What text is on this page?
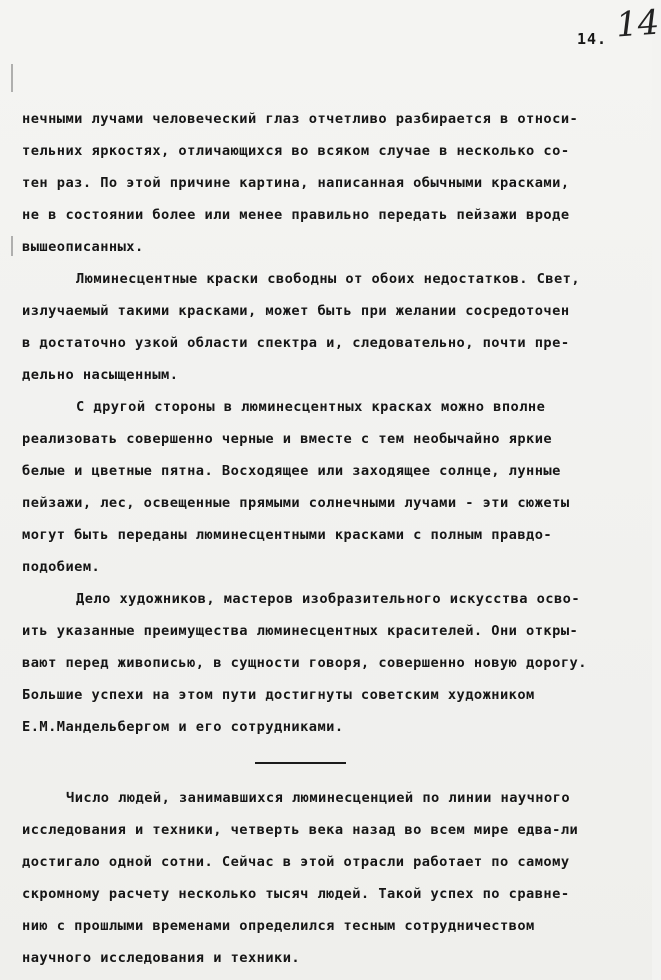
14
14.
нечными лучами человеческий глаз отчетливо разбирается в относи-
тельних яркостях, отличающихся во всяком случае в несколько со-
тен раз. По этой причине картина, написанная обычными красками,
не в состоянии более или менее правильно передать пейзажи вроде
вышеописанных.
Люминесцентные краски свободны от обоих недостатков. Свет,
излучаемый такими красками, может быть при желании сосредоточен
в достаточно узкой области спектра и, следовательно, почти пре-
дельно насыщенным.
С другой стороны в люминесцентных красках можно вполне
реализовать совершенно черные и вместе с тем необычайно яркие
белые и цветные пятна. Восходящее или заходящее солнце, лунные
пейзажи, лес, освещенные прямыми солнечными лучами - эти сюжеты
могут быть переданы люминесцентными красками с полным правдо-
подобием.
Дело художников, мастеров изобразительного искусства осво-
ить указанные преимущества люминесцентных красителей. Они откры-
вают перед живописью, в сущности говоря, совершенно новую дорогу.
Большие успехи на этом пути достигнуты советским художником
Е.М.Мандельбергом и его сотрудниками.
Число людей, занимавшихся люминесценцией по линии научного
исследования и техники, четверть века назад во всем мире едва-ли
достигало одной сотни. Сейчас в этой отрасли работает по самому
скромному расчету несколько тысяч людей. Такой успех по сравне-
нию с прошлыми временами определился тесным сотрудничеством
научного исследования и техники.
